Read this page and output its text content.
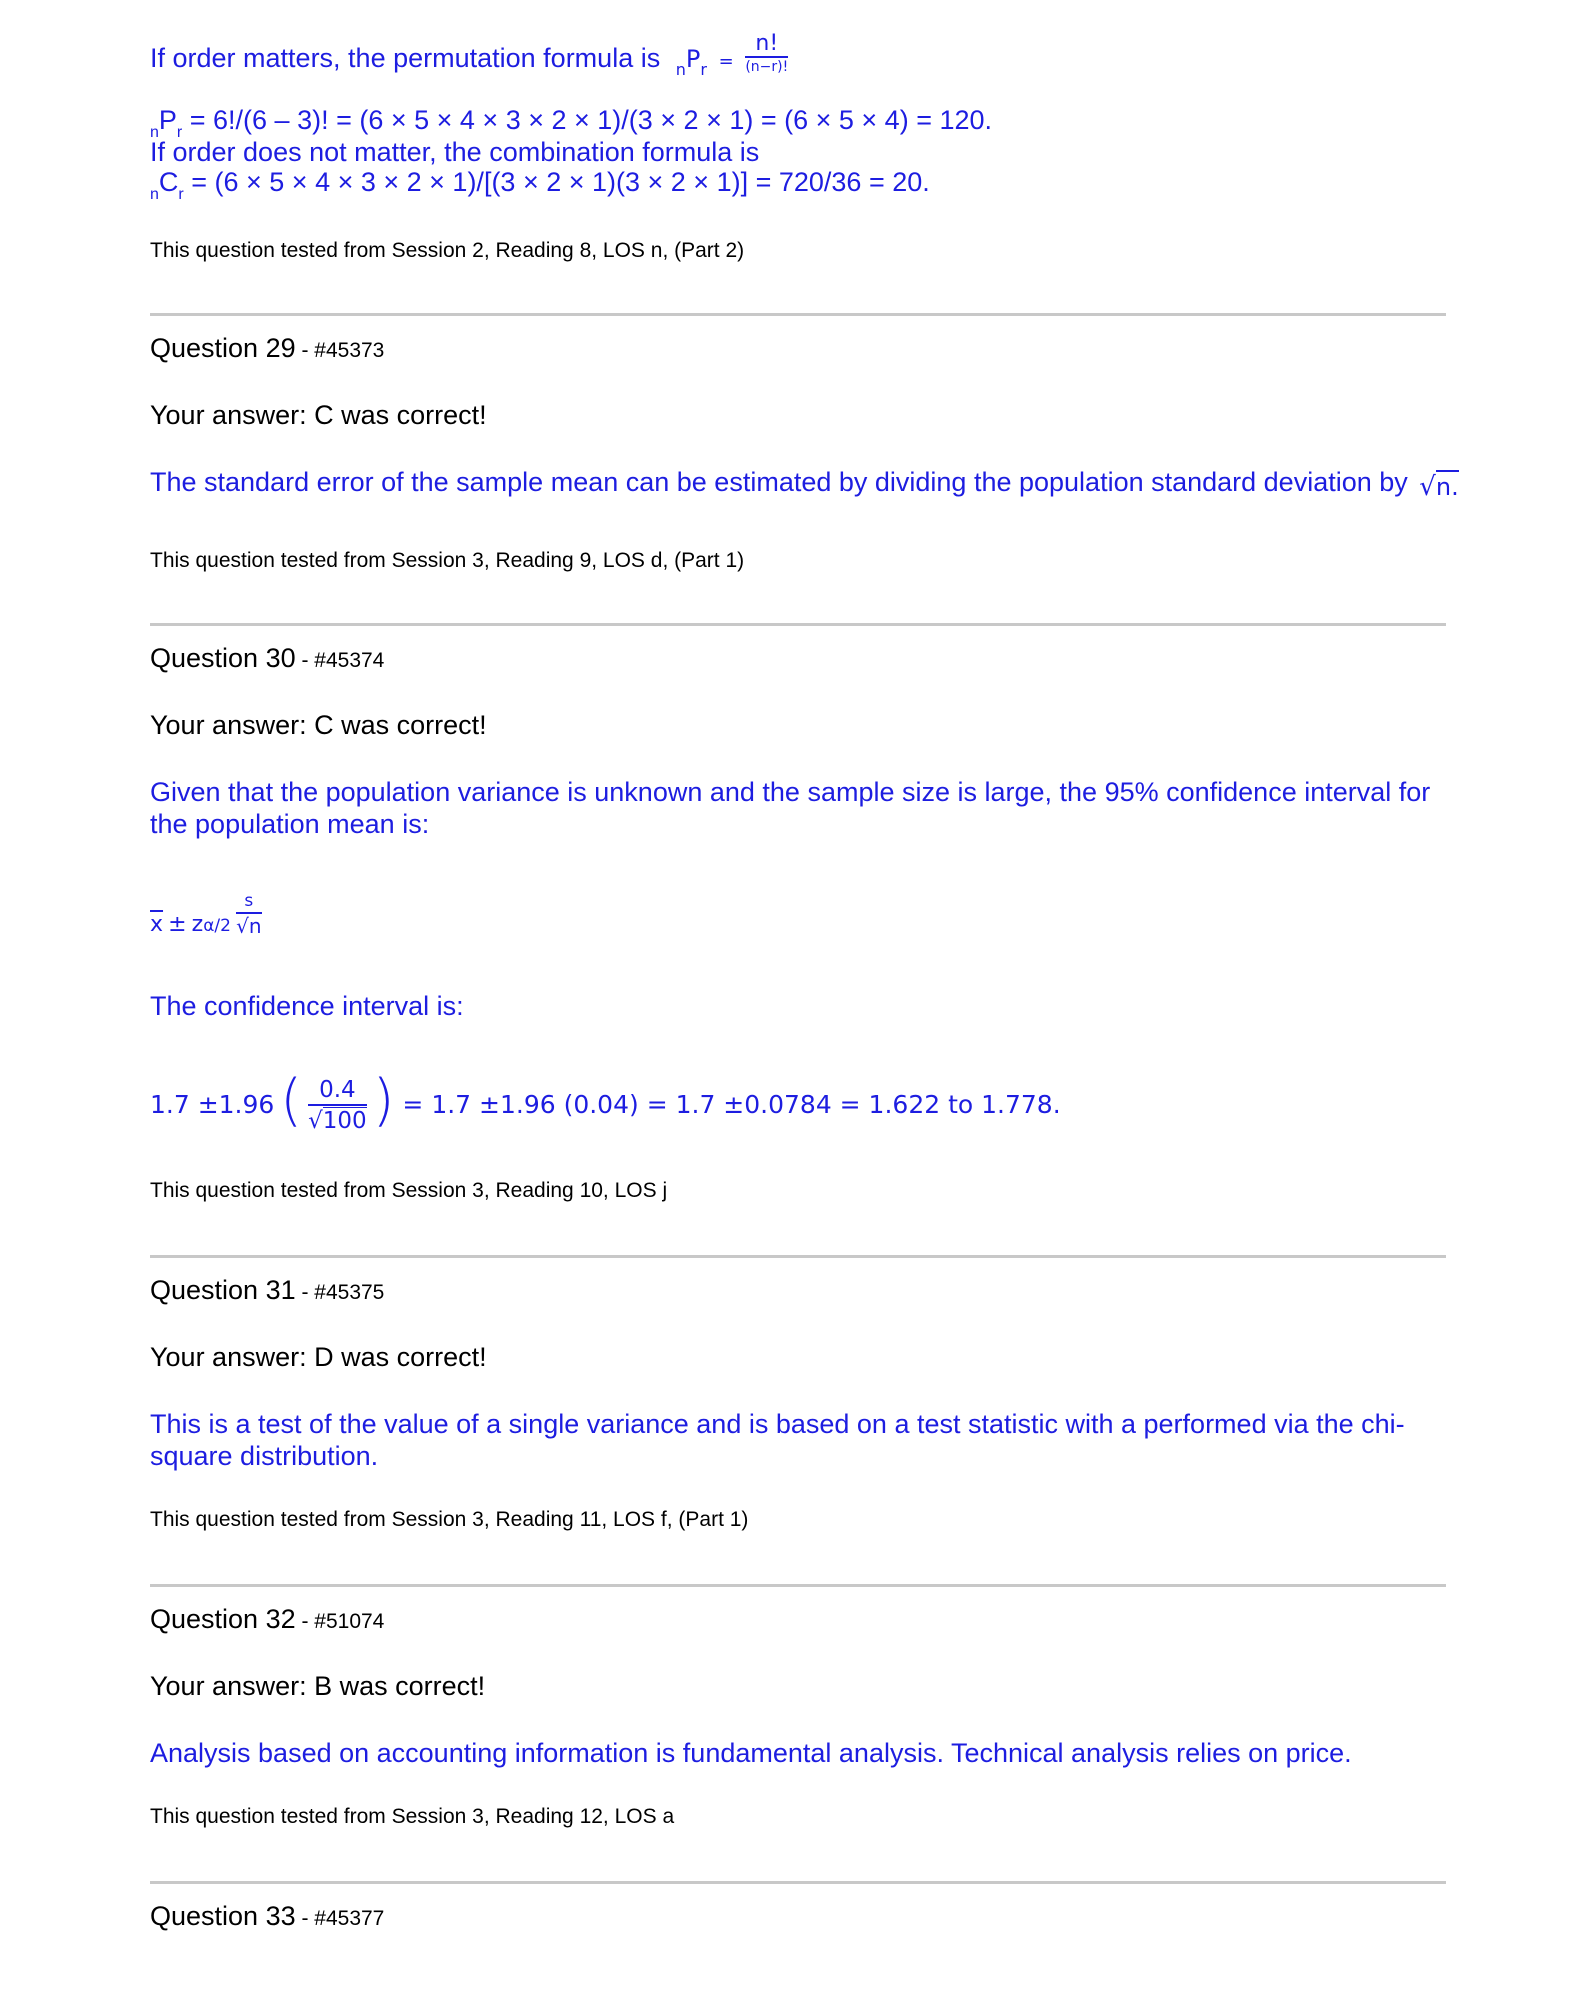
If order matters, the permutation formula is $_nP_r = \frac{n!}{(n-r)!}$
$_nP_r = 6!/(6 - 3)$! = (6 × 5 × 4 × 3 × 2 × 1)/(3 × 2 × 1) = (6 × 5 × 4) = 120.
If order does not matter, the combination formula is
$_nC_r = (6 \times 5 \times 4 \times 3 \times 2 \times 1)/[(3 \times 2 \times 1)(3 \times 2 \times 1)] = 720/36 = 20$.
This question tested from Session 2, Reading 8, LOS n, (Part 2)
Question 29 - #45373
Your answer: C was correct!
The standard error of the sample mean can be estimated by dividing the population standard deviation by √n.
This question tested from Session 3, Reading 9, LOS d, (Part 1)
Question 30 - #45374
Your answer: C was correct!
Given that the population variance is unknown and the sample size is large, the 95% confidence interval for
the population mean is:
$\overline{x} \pm z\alpha/2 \frac{s}{√n}$
The confidence interval is:
1.7 ±1.96 ( $\frac{0.4}{√100}$ ) = 1.7 ±1.96 (0.04) = 1.7 ±0.0784 = 1.622 to 1.778.
This question tested from Session 3, Reading 10, LOS j
Question 31 - #45375
Your answer: D was correct!
This is a test of the value of a single variance and is based on a test statistic with a performed via the chi-
square distribution.
This question tested from Session 3, Reading 11, LOS f, (Part 1)
Question 32 - #51074
Your answer: B was correct!
Analysis based on accounting information is fundamental analysis. Technical analysis relies on price.
This question tested from Session 3, Reading 12, LOS a
Question 33 - #45377
